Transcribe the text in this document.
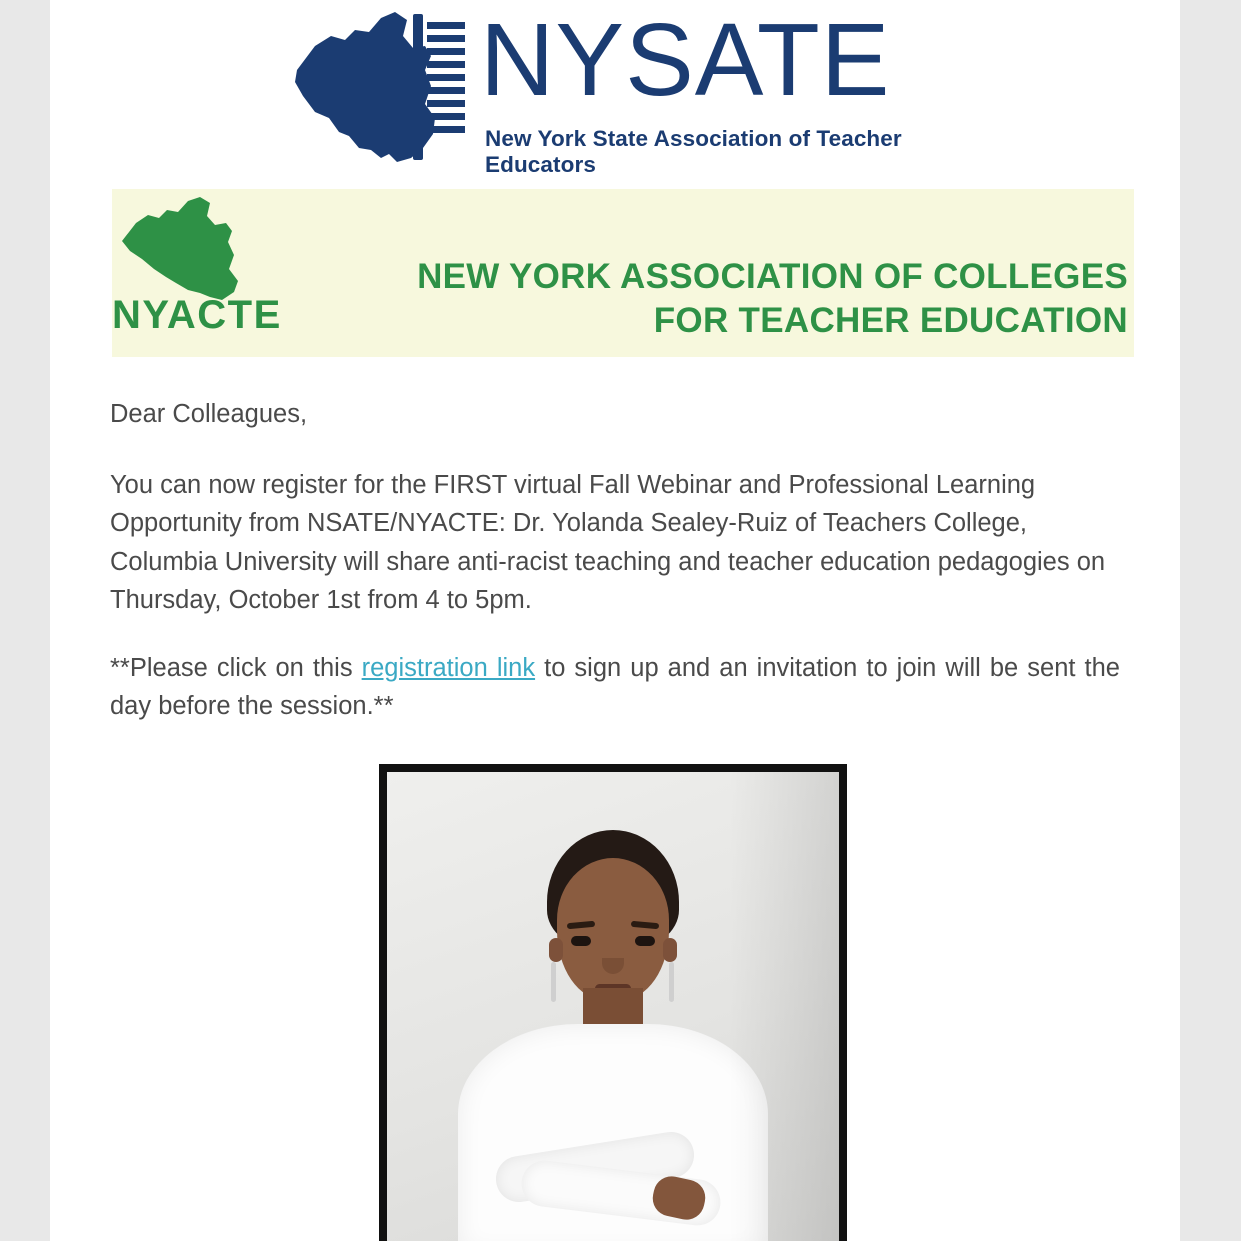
NYSATE
New York State Association of Teacher Educators
NYACTE
NEW YORK ASSOCIATION OF COLLEGES
FOR TEACHER EDUCATION

Dear Colleagues,

You can now register for the FIRST virtual Fall Webinar and Professional Learning Opportunity from NSATE/NYACTE: Dr. Yolanda Sealey-Ruiz of Teachers College, Columbia University will share anti-racist teaching and teacher education pedagogies on Thursday, October 1st from 4 to 5pm.

**Please click on this registration link to sign up and an invitation to join will be sent the day before the session.**
